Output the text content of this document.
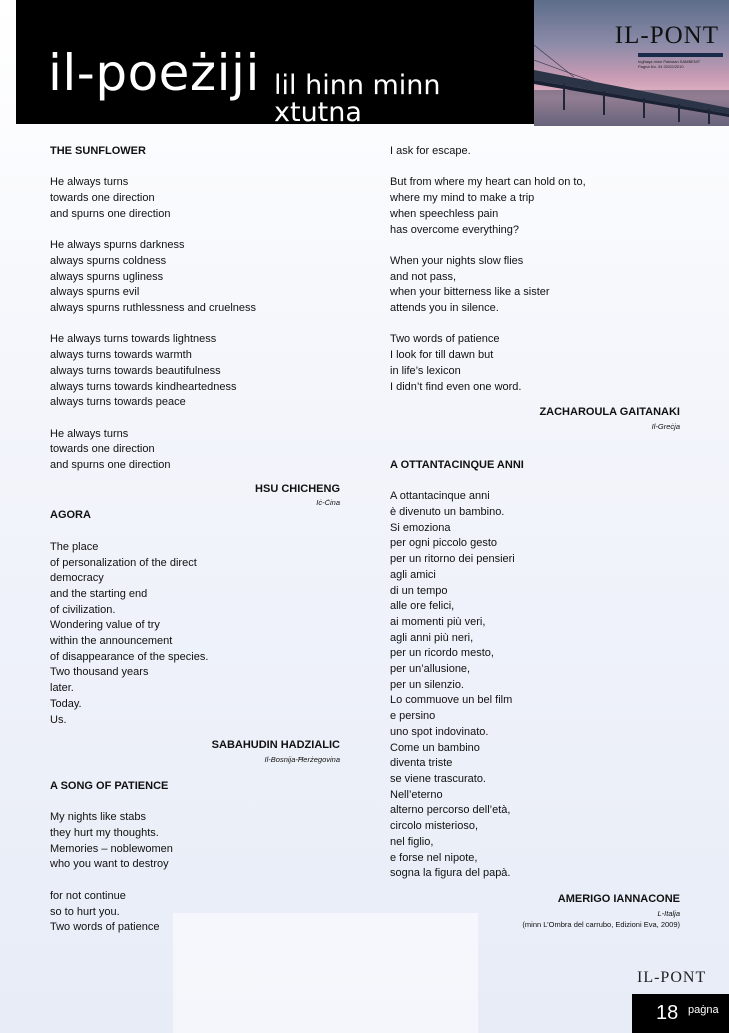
il-poeżiji lil hinn minn xtutna
IL-PONT
Ingħaqa minn Pakistan SAMBENIT
Pagna No. 34 02/02/2010

THE SUNFLOWER

He always turns

towards one direction

and spurns one direction

He always spurns darkness

always spurns coldness

always spurns ugliness

always spurns evil

always spurns ruthlessness and cruelness

He always turns towards lightness

always turns towards warmth

always turns towards beautifulness

always turns towards kindheartedness

always turns towards peace

He always turns

towards one direction

and spurns one direction

HSU CHICHENG
Iċ-Ċina

AGORA

The place

of personalization of the direct

democracy

and the starting end

of civilization.

Wondering value of try

within the announcement

of disappearance of the species.

Two thousand years

later.

Today.

Us.

SABAHUDIN HADZIALIC
Il-Bosnija-Ħerżegovina

A SONG OF PATIENCE

My nights like stabs

they hurt my thoughts.

Memories – noblewomen

who you want to destroy

for not continue

so to hurt you.

Two words of patience

I ask for escape.

But from where my heart can hold on to,

where my mind to make a trip

when speechless pain

has overcome everything?

When your nights slow flies

and not pass,

when your bitterness like a sister

attends you in silence.

Two words of patience

I look for till dawn but

in life’s lexicon

I didn’t find even one word.

ZACHAROULA GAITANAKI
Il-Greċja

A OTTANTACINQUE ANNI

A ottantacinque anni

è divenuto un bambino.

Si emoziona

per ogni piccolo gesto

per un ritorno dei pensieri

agli amici

di un tempo

alle ore felici,

ai momenti più veri,

agli anni più neri,

per un ricordo mesto,

per un’allusione,

per un silenzio.

Lo commuove un bel film

e persino

uno spot indovinato.

Come un bambino

diventa triste

se viene trascurato.

Nell’eterno

alterno percorso dell’età,

circolo misterioso,

nel figlio,

e forse nel nipote,

sogna la figura del papà.

AMERIGO IANNACONE
L-Italja
(minn L’Ombra del carrubo, Edizioni Eva, 2009)
IL-PONT
18 paġna
